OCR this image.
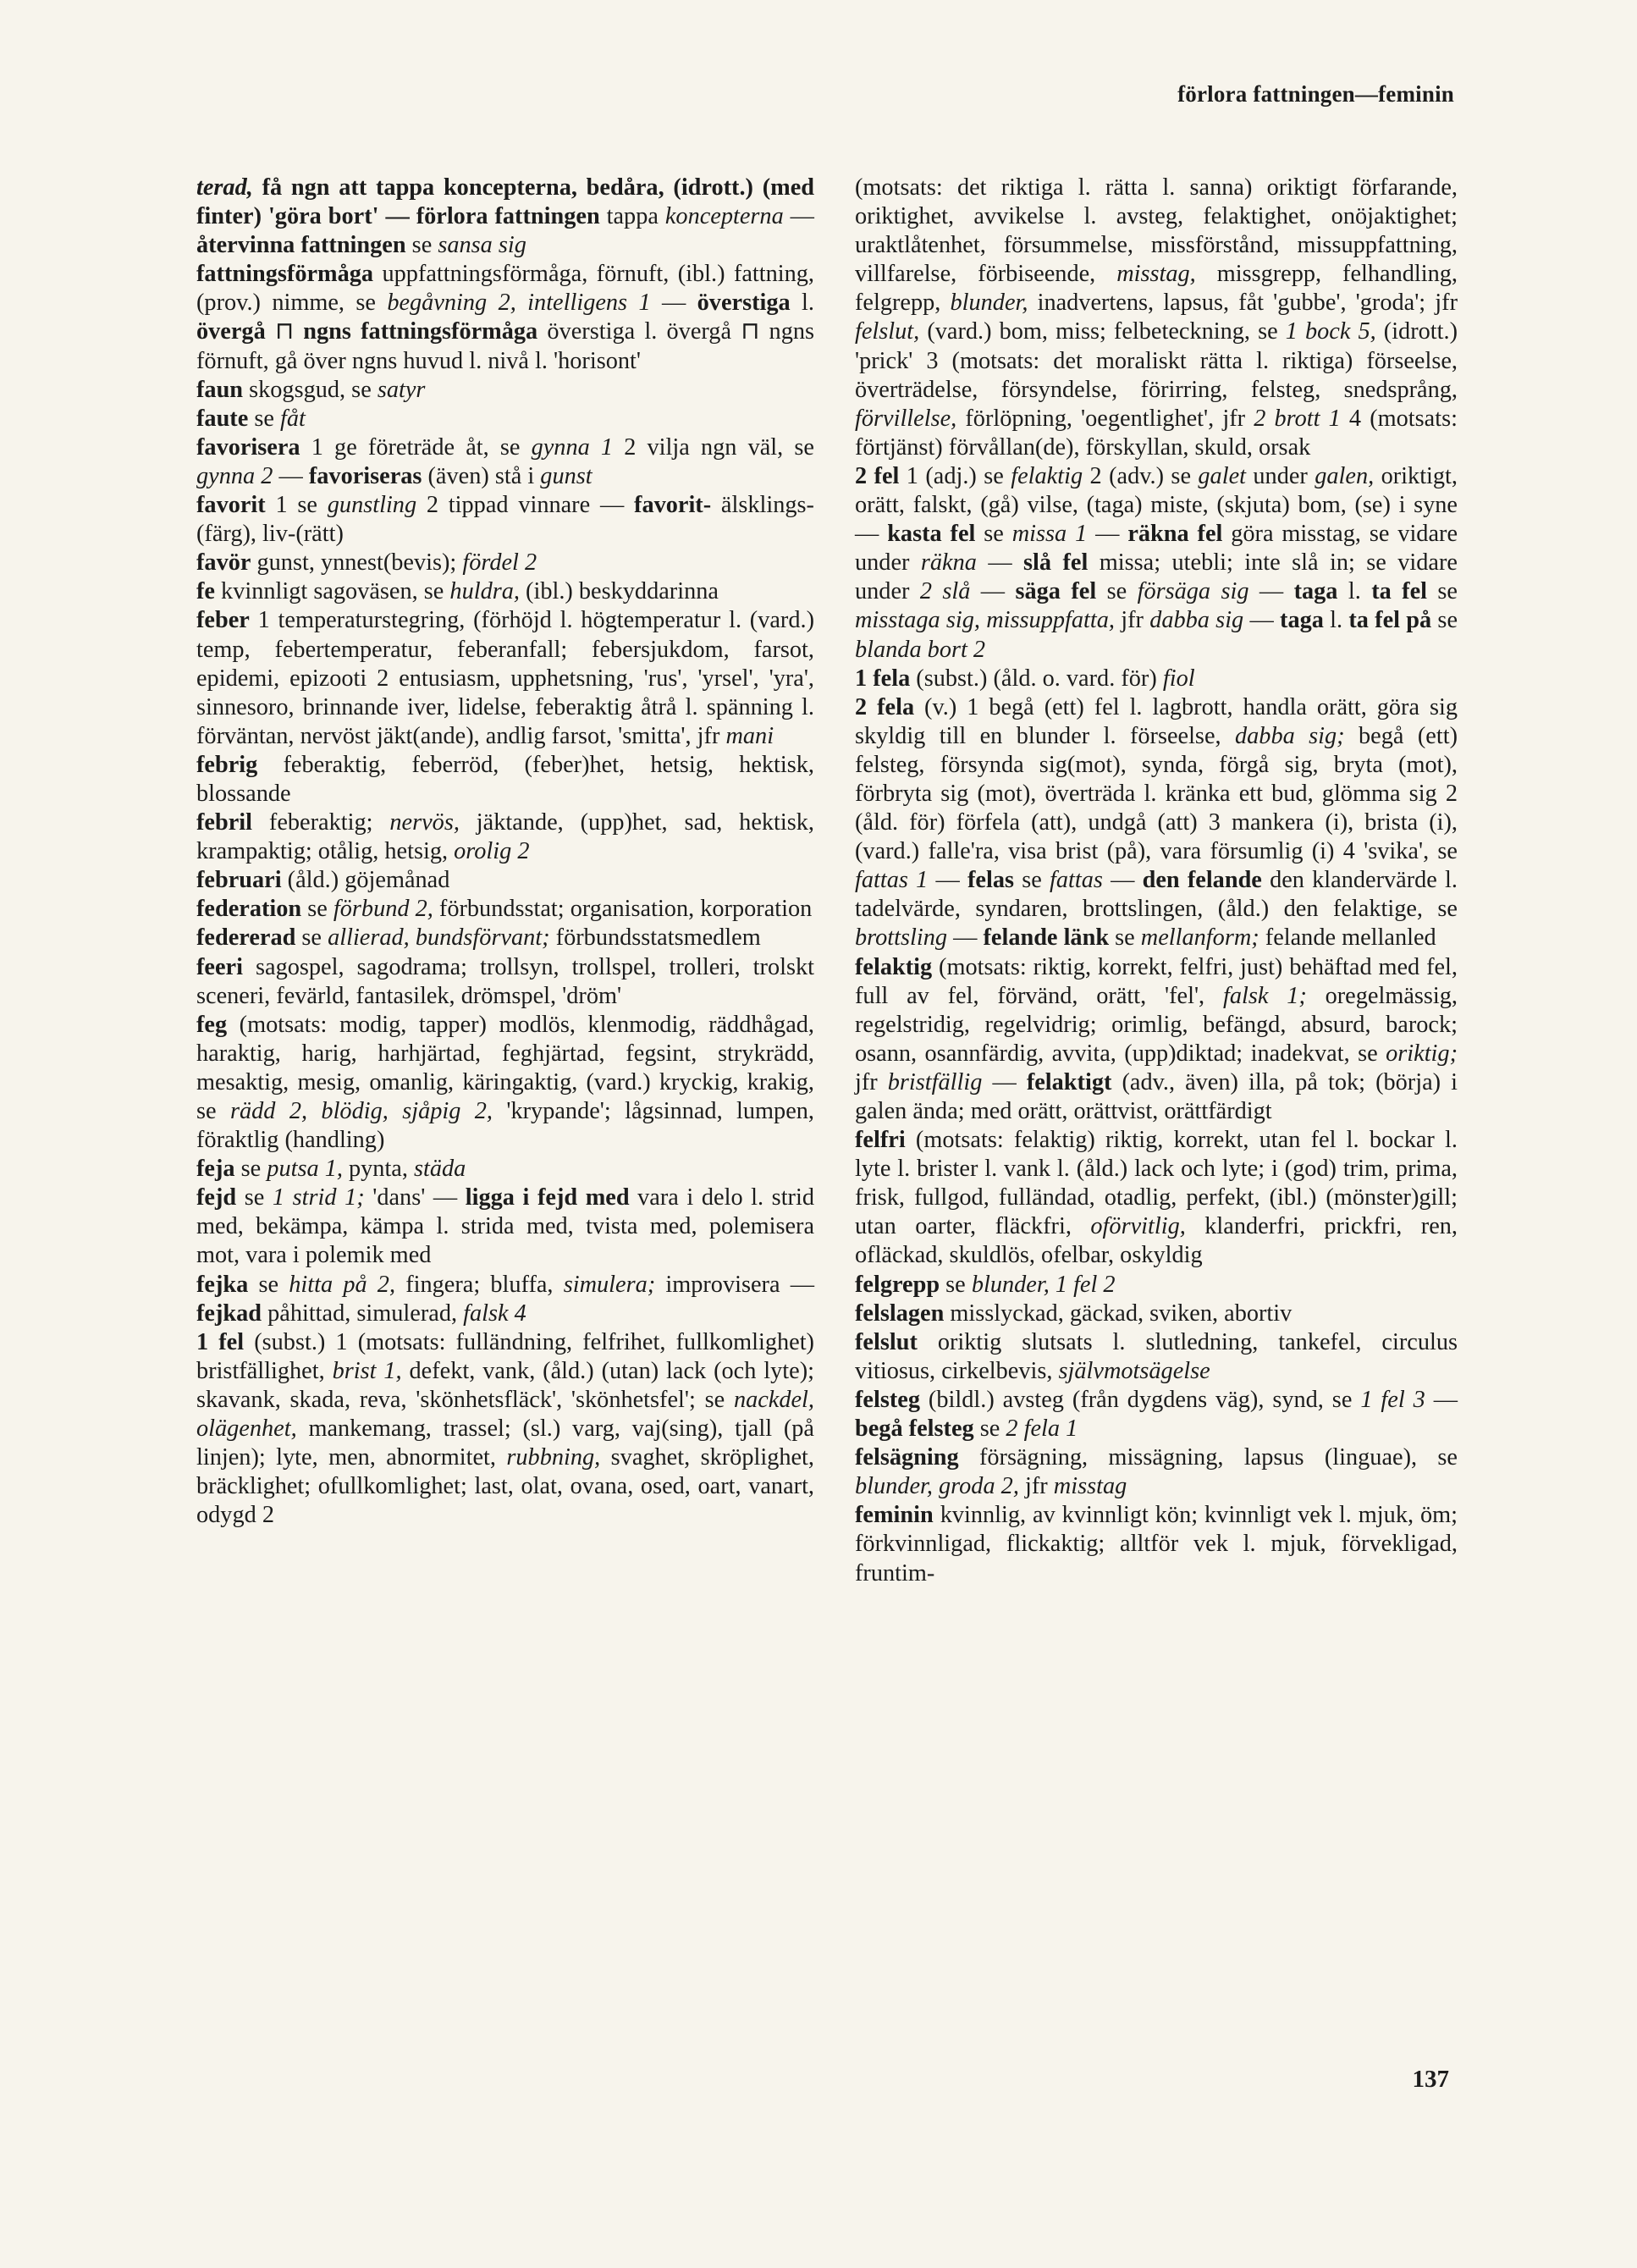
förlora fattningen—feminin

terad, få ngn att tappa koncepterna, bedåra, (idrott.) (med finter) 'göra bort' — förlora fattningen tappa koncepterna — återvinna fattningen se sansa sig

fattningsförmåga uppfattningsförmåga, förnuft, (ibl.) fattning, (prov.) nimme, se begåvning 2, intelligens 1 — överstiga l. övergå ⊓ ngns fattningsförmåga överstiga l. övergå ⊓ ngns förnuft, gå över ngns huvud l. nivå l. 'horisont'

faun skogsgud, se satyr

faute se fåt

favorisera 1 ge företräde åt, se gynna 1 2 vilja ngn väl, se gynna 2 — favoriseras (även) stå i gunst

favorit 1 se gunstling 2 tippad vinnare — favorit- älsklings-(färg), liv-(rätt)

favör gunst, ynnest(bevis); fördel 2

fe kvinnligt sagoväsen, se huldra, (ibl.) beskyddarinna

feber 1 temperaturstegring, (förhöjd l. högtemperatur l. (vard.) temp, febertemperatur, feberanfall; febersjukdom, farsot, epidemi, epizooti 2 entusiasm, upphetsning, 'rus', 'yrsel', 'yra', sinnesoro, brinnande iver, lidelse, feberaktig åtrå l. spänning l. förväntan, nervöst jäkt(ande), andlig farsot, 'smitta', jfr mani

febrig feberaktig, feberröd, (feber)het, hetsig, hektisk, blossande

febril feberaktig; nervös, jäktande, (upp)het, sad, hektisk, krampaktig; otålig, hetsig, orolig 2

februari (åld.) göjemånad

federation se förbund 2, förbundsstat; organisation, korporation

federerad se allierad, bundsförvant; förbundsstatsmedlem

feeri sagospel, sagodrama; trollsyn, trollspel, trolleri, trolskt sceneri, fevärld, fantasilek, drömspel, 'dröm'

feg (motsats: modig, tapper) modlös, klenmodig, räddhågad, haraktig, harig, harhjärtad, feghjärtad, fegsint, strykrädd, mesaktig, mesig, omanlig, käringaktig, (vard.) kryckig, krakig, se rädd 2, blödig, sjåpig 2, 'krypande'; lågsinnad, lumpen, föraktlig (handling)

feja se putsa 1, pynta, städa

fejd se 1 strid 1; 'dans' — ligga i fejd med vara i delo l. strid med, bekämpa, kämpa l. strida med, tvista med, polemisera mot, vara i polemik med

fejka se hitta på 2, fingera; bluffa, simulera; improvisera — fejkad påhittad, simulerad, falsk 4

1 fel (subst.) 1 (motsats: fulländning, felfrihet, fullkomlighet) bristfällighet, brist 1, defekt, vank, (åld.) (utan) lack (och lyte); skavank, skada, reva, 'skönhetsfläck', 'skönhetsfel'; se nackdel, olägenhet, mankemang, trassel; (sl.) varg, vaj(sing), tjall (på linjen); lyte, men, abnormitet, rubbning, svaghet, skröplighet, bräcklighet; ofullkomlighet; last, olat, ovana, osed, oart, vanart, odygd 2

(motsats: det riktiga l. rätta l. sanna) oriktigt förfarande, oriktighet, avvikelse l. avsteg, felaktighet, onöjaktighet; uraktlåtenhet, försummelse, missförstånd, missuppfattning, villfarelse, förbiseende, misstag, missgrepp, felhandling, felgrepp, blunder, inadvertens, lapsus, fåt 'gubbe', 'groda'; jfr felslut, (vard.) bom, miss; felbeteckning, se 1 bock 5, (idrott.) 'prick' 3 (motsats: det moraliskt rätta l. riktiga) förseelse, överträdelse, försyndelse, förirring, felsteg, snedsprång, förvillelse, förlöpning, 'oegentlighet', jfr 2 brott 1 4 (motsats: förtjänst) förvållan(de), förskyllan, skuld, orsak

2 fel 1 (adj.) se felaktig 2 (adv.) se galet under galen, oriktigt, orätt, falskt, (gå) vilse, (taga) miste, (skjuta) bom, (se) i syne — kasta fel se missa 1 — räkna fel göra misstag, se vidare under räkna — slå fel missa; utebli; inte slå in; se vidare under 2 slå — säga fel se försäga sig — taga l. ta fel se misstaga sig, missuppfatta, jfr dabba sig — taga l. ta fel på se blanda bort 2

1 fela (subst.) (åld. o. vard. för) fiol

2 fela (v.) 1 begå (ett) fel l. lagbrott, handla orätt, göra sig skyldig till en blunder l. förseelse, dabba sig; begå (ett) felsteg, försynda sig(mot), synda, förgå sig, bryta (mot), förbryta sig (mot), överträda l. kränka ett bud, glömma sig 2 (åld. för) förfela (att), undgå (att) 3 mankera (i), brista (i), (vard.) falle'ra, visa brist (på), vara försumlig (i) 4 'svika', se fattas 1 — felas se fattas — den felande den klandervärde l. tadelvärde, syndaren, brottslingen, (åld.) den felaktige, se brottsling — felande länk se mellanform; felande mellanled

felaktig (motsats: riktig, korrekt, felfri, just) behäftad med fel, full av fel, förvänd, orätt, 'fel', falsk 1; oregelmässig, regelstridig, regelvidrig; orimlig, befängd, absurd, barock; osann, osannfärdig, avvita, (upp)diktad; inadekvat, se oriktig; jfr bristfällig — felaktigt (adv., även) illa, på tok; (börja) i galen ända; med orätt, orättvist, orättfärdigt

felfri (motsats: felaktig) riktig, korrekt, utan fel l. bockar l. lyte l. brister l. vank l. (åld.) lack och lyte; i (god) trim, prima, frisk, fullgod, fulländad, otadlig, perfekt, (ibl.) (mönster)gill; utan oarter, fläckfri, oförvitlig, klanderfri, prickfri, ren, ofläckad, skuldlös, ofelbar, oskyldig

felgrepp se blunder, 1 fel 2

felslagen misslyckad, gäckad, sviken, abortiv

felslut oriktig slutsats l. slutledning, tankefel, circulus vitiosus, cirkelbevis, självmotsägelse

felsteg (bildl.) avsteg (från dygdens väg), synd, se 1 fel 3 — begå felsteg se 2 fela 1

felsägning försägning, missägning, lapsus (linguae), se blunder, groda 2, jfr misstag

feminin kvinnlig, av kvinnligt kön; kvinnligt vek l. mjuk, öm; förkvinnligad, flickaktig; alltför vek l. mjuk, förvekligad, fruntim-

137
